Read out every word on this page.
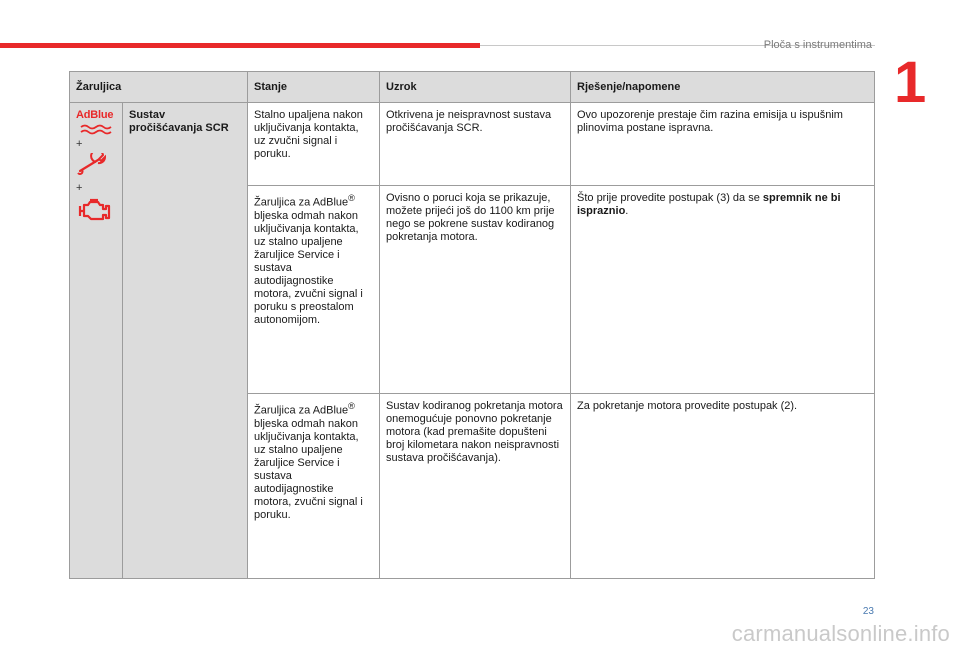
Ploča s instrumentima
1
Žaruljica		Stanje	Uzrok	Rješenje/napomene

AdBlue
+
+	Sustav pročišćavanja SCR	Stalno upaljena nakon uključivanja kontakta, uz zvučni signal i poruku.	Otkrivena je neispravnost sustava pročišćavanja SCR.	Ovo upozorenje prestaje čim razina emisija u ispušnim plinovima postane ispravna.
		Žaruljica za AdBlue® bljeska odmah nakon uključivanja kontakta, uz stalno upaljene žaruljice Service i sustava autodijagnostike motora, zvučni signal i poruku s preostalom autonomijom.	Ovisno o poruci koja se prikazuje, možete prijeći još do 1100 km prije nego se pokrene sustav kodiranog pokretanja motora.	Što prije provedite postupak (3) da se spremnik ne bi ispraznio.
		Žaruljica za AdBlue® bljeska odmah nakon uključivanja kontakta, uz stalno upaljene žaruljice Service i sustava autodijagnostike motora, zvučni signal i poruku.	Sustav kodiranog pokretanja motora onemogućuje ponovno pokretanje motora (kad premašite dopušteni broj kilometara nakon neispravnosti sustava pročišćavanja).	Za pokretanje motora provedite postupak (2).
23
carmanualsonline.info
